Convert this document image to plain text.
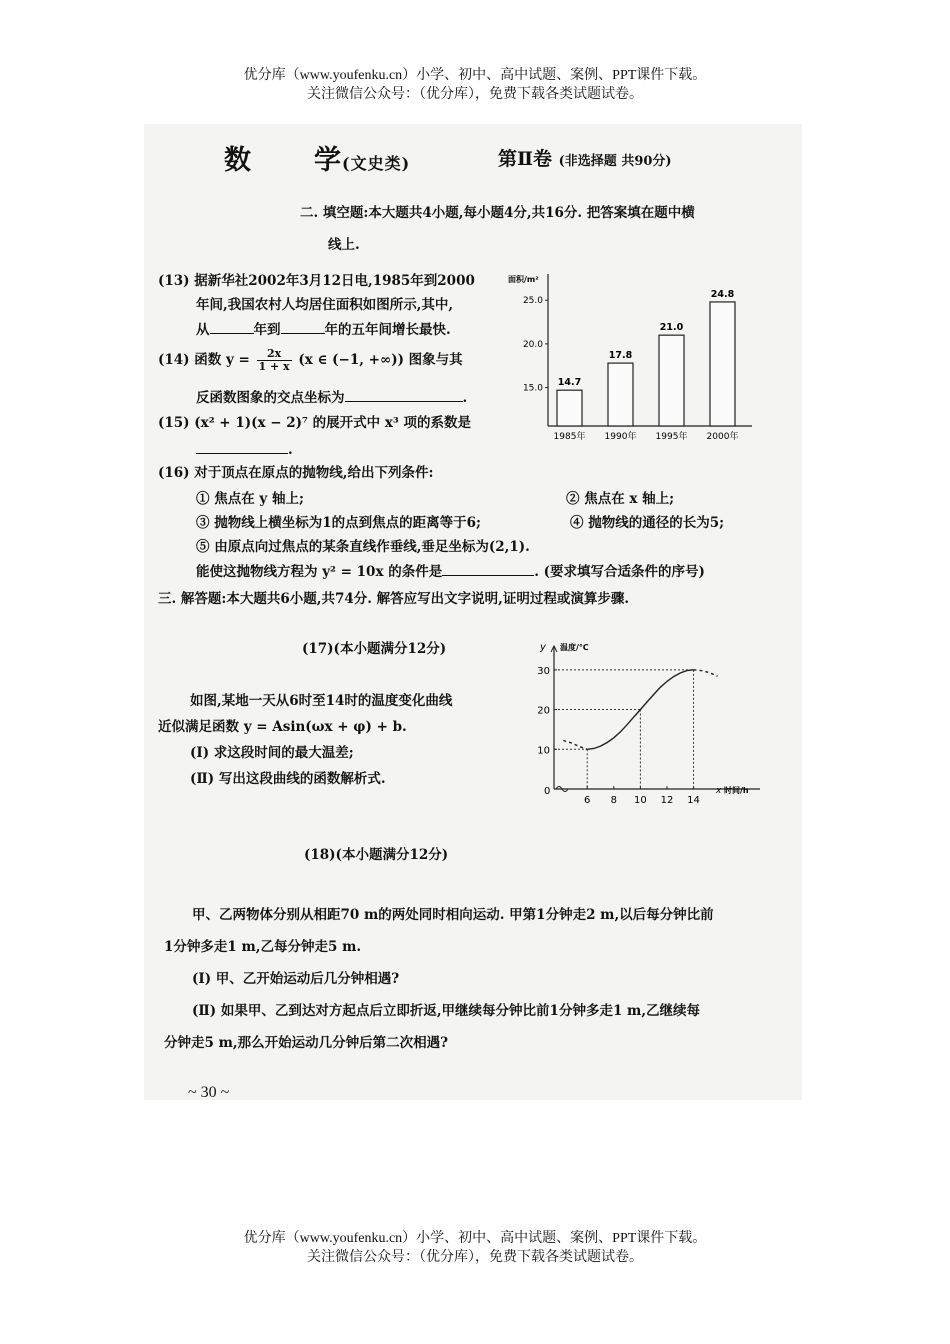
优分库（www.youfenku.cn）小学、初中、高中试题、案例、PPT课件下载。
关注微信公众号：（优分库），免费下载各类试题试卷。
数 学(文史类)	第Ⅱ卷 (非选择题 共90分)
二. 填空题:本大题共4小题,每小题4分,共16分. 把答案填在题中横
线上.
(13) 据新华社2002年3月12日电,1985年到2000
年间,我国农村人均居住面积如图所示,其中,
从	年到	年的五年间增长最快.
(14) 函数 $y = \frac{2x}{1 + x} (x$ ∈ (−1, +∞)) 图象与其
反函数图象的交点坐标为	.
(15) (x² + 1)(x − 2)⁷ 的展开式中 x³ 项的系数是
.
面积/m²
15.0
20.0
25.0
14.7
1985年
17.8
1990年
21.0
1995年
24.8
2000年
(16) 对于顶点在原点的抛物线,给出下列条件:
① 焦点在 y 轴上;	② 焦点在 x 轴上;
③ 抛物线上横坐标为1的点到焦点的距离等于6;	④ 抛物线的通径的长为5;
⑤ 由原点向过焦点的某条直线作垂线,垂足坐标为(2,1).
能使这抛物线方程为 y² = 10x 的条件是	. (要求填写合适条件的序号)
三. 解答题:本大题共6小题,共74分. 解答应写出文字说明,证明过程或演算步骤.
(17)(本小题满分12分)
如图,某地一天从6时至14时的温度变化曲线
近似满足函数 y = Asin(ωx + φ) + b.
(Ⅰ) 求这段时间的最大温差;
(Ⅱ) 写出这段曲线的函数解析式.
y 温度/℃
x 时间/h
0
6 8 10 12 14
10
20
30
(18)(本小题满分12分)
甲、乙两物体分别从相距70 m的两处同时相向运动. 甲第1分钟走2 m,以后每分钟比前
1分钟多走1 m,乙每分钟走5 m.
(Ⅰ) 甲、乙开始运动后几分钟相遇?
(Ⅱ) 如果甲、乙到达对方起点后立即折返,甲继续每分钟比前1分钟多走1 m,乙继续每
分钟走5 m,那么开始运动几分钟后第二次相遇?
~ 30 ~
优分库（www.youfenku.cn）小学、初中、高中试题、案例、PPT课件下载。
关注微信公众号：（优分库），免费下载各类试题试卷。
